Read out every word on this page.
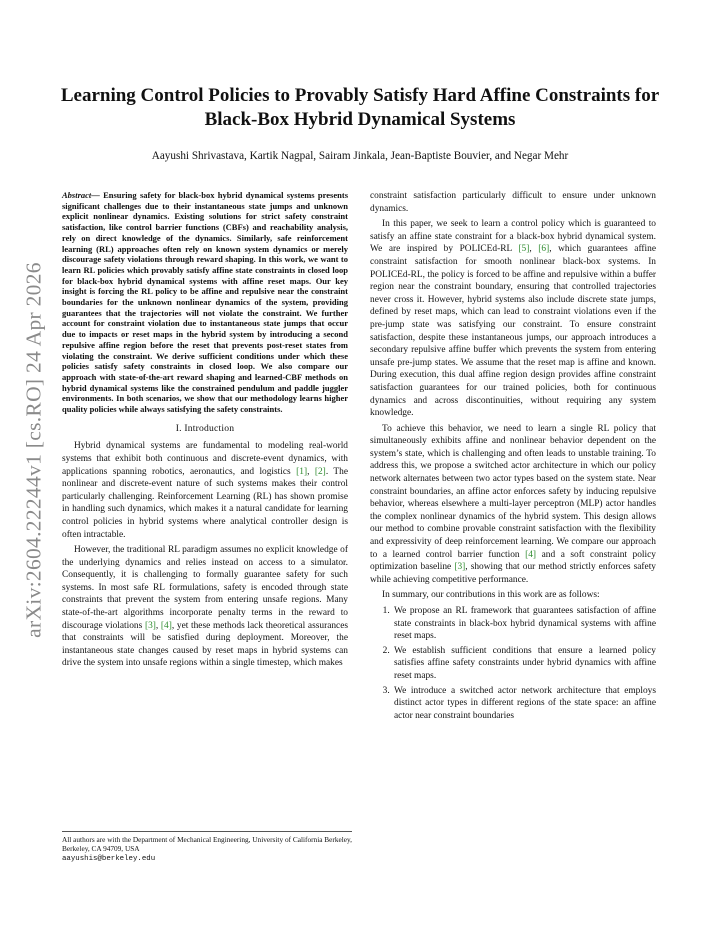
arXiv:2604.22244v1 [cs.RO] 24 Apr 2026
Learning Control Policies to Provably Satisfy Hard Affine Constraints for Black-Box Hybrid Dynamical Systems
Aayushi Shrivastava, Kartik Nagpal, Sairam Jinkala, Jean-Baptiste Bouvier, and Negar Mehr
Abstract— Ensuring safety for black-box hybrid dynamical systems presents significant challenges due to their instantaneous state jumps and unknown explicit nonlinear dynamics. Existing solutions for strict safety constraint satisfaction, like control barrier functions (CBFs) and reachability analysis, rely on direct knowledge of the dynamics. Similarly, safe reinforcement learning (RL) approaches often rely on known system dynamics or merely discourage safety violations through reward shaping. In this work, we want to learn RL policies which provably satisfy affine state constraints in closed loop for black-box hybrid dynamical systems with affine reset maps. Our key insight is forcing the RL policy to be affine and repulsive near the constraint boundaries for the unknown nonlinear dynamics of the system, providing guarantees that the trajectories will not violate the constraint. We further account for constraint violation due to instantaneous state jumps that occur due to impacts or reset maps in the hybrid system by introducing a second repulsive affine region before the reset that prevents post-reset states from violating the constraint. We derive sufficient conditions under which these policies satisfy safety constraints in closed loop. We also compare our approach with state-of-the-art reward shaping and learned-CBF methods on hybrid dynamical systems like the constrained pendulum and paddle juggler environments. In both scenarios, we show that our methodology learns higher quality policies while always satisfying the safety constraints.
I. Introduction

Hybrid dynamical systems are fundamental to modeling real-world systems that exhibit both continuous and discrete-event dynamics, with applications spanning robotics, aeronautics, and logistics [1], [2]. The nonlinear and discrete-event nature of such systems makes their control particularly challenging. Reinforcement Learning (RL) has shown promise in handling such dynamics, which makes it a natural candidate for learning control policies in hybrid systems where analytical controller design is often intractable.

However, the traditional RL paradigm assumes no explicit knowledge of the underlying dynamics and relies instead on access to a simulator. Consequently, it is challenging to formally guarantee safety for such systems. In most safe RL formulations, safety is encoded through state constraints that prevent the system from entering unsafe regions. Many state-of-the-art algorithms incorporate penalty terms in the reward to discourage violations [3], [4], yet these methods lack theoretical assurances that constraints will be satisfied during deployment. Moreover, the instantaneous state changes caused by reset maps in hybrid systems can drive the system into unsafe regions within a single timestep, which makes

All authors are with the Department of Mechanical Engineering, University of California Berkeley, Berkeley, CA 94709, USA
aayushis@berkeley.edu

constraint satisfaction particularly difficult to ensure under unknown dynamics.

In this paper, we seek to learn a control policy which is guaranteed to satisfy an affine state constraint for a black-box hybrid dynamical system. We are inspired by POLICEd-RL [5], [6], which guarantees affine constraint satisfaction for smooth nonlinear black-box systems. In POLICEd-RL, the policy is forced to be affine and repulsive within a buffer region near the constraint boundary, ensuring that controlled trajectories never cross it. However, hybrid systems also include discrete state jumps, defined by reset maps, which can lead to constraint violations even if the pre-jump state was satisfying our constraint. To ensure constraint satisfaction, despite these instantaneous jumps, our approach introduces a secondary repulsive affine buffer which prevents the system from entering unsafe pre-jump states. We assume that the reset map is affine and known. During execution, this dual affine region design provides affine constraint satisfaction guarantees for our trained policies, both for continuous dynamics and across discontinuities, without requiring any system knowledge.

To achieve this behavior, we need to learn a single RL policy that simultaneously exhibits affine and nonlinear behavior dependent on the system’s state, which is challenging and often leads to unstable training. To address this, we propose a switched actor architecture in which our policy network alternates between two actor types based on the system state. Near constraint boundaries, an affine actor enforces safety by inducing repulsive behavior, whereas elsewhere a multi-layer perceptron (MLP) actor handles the complex nonlinear dynamics of the hybrid system. This design allows our method to combine provable constraint satisfaction with the flexibility and expressivity of deep reinforcement learning. We compare our approach to a learned control barrier function [4] and a soft constraint policy optimization baseline [3], showing that our method strictly enforces safety while achieving competitive performance.

In summary, our contributions in this work are as follows:

1. We propose an RL framework that guarantees satisfaction of affine state constraints in black-box hybrid dynamical systems with affine reset maps.
2. We establish sufficient conditions that ensure a learned policy satisfies affine safety constraints under hybrid dynamics with affine reset maps.
3. We introduce a switched actor network architecture that employs distinct actor types in different regions of the state space: an affine actor near constraint boundaries
